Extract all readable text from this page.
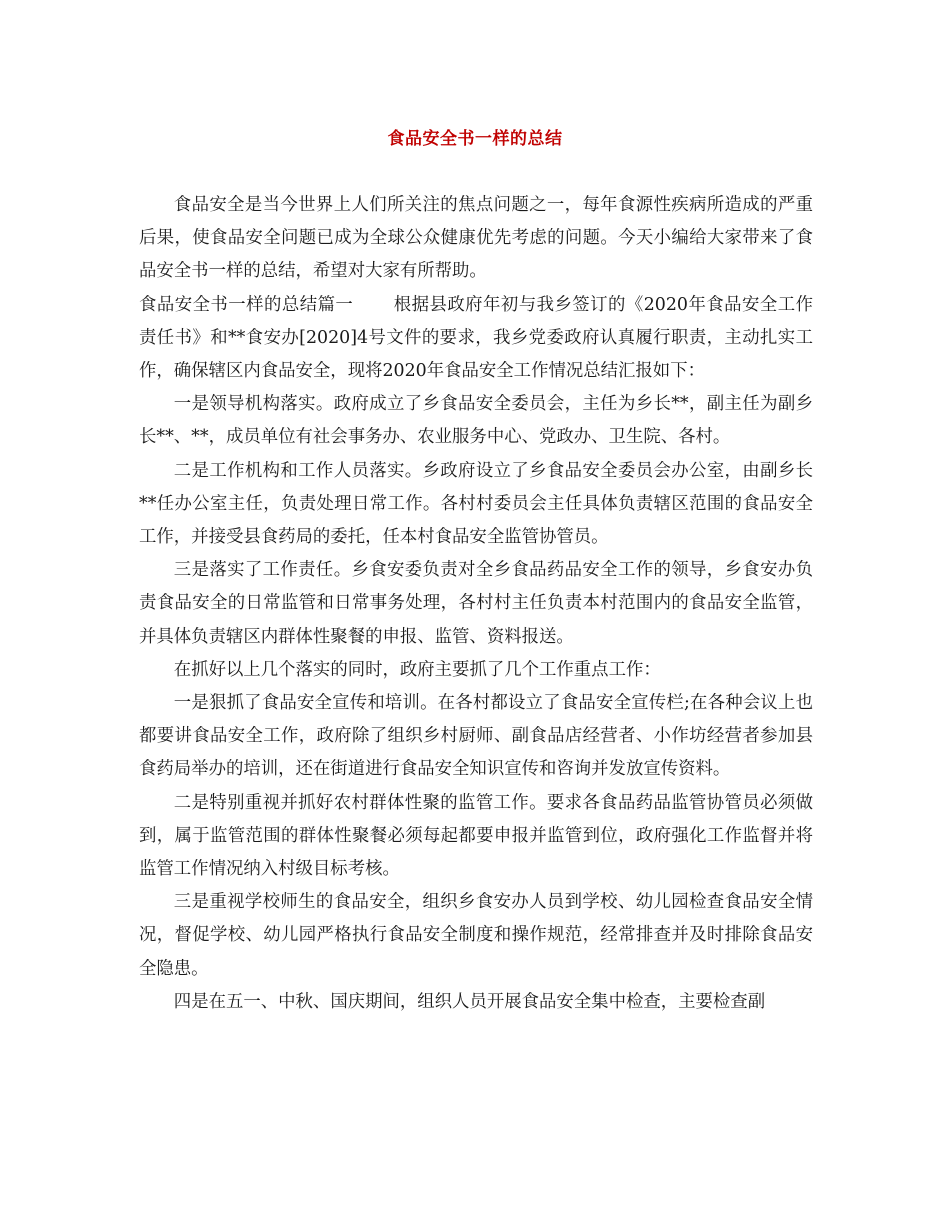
食品安全书一样的总结

食品安全是当今世界上人们所关注的焦点问题之一，每年食源性疾病所造成的严重后果，使食品安全问题已成为全球公众健康优先考虑的问题。今天小编给大家带来了食品安全书一样的总结，希望对大家有所帮助。

食品安全书一样的总结篇一 根据县政府年初与我乡签订的《2020年食品安全工作责任书》和**食安办[2020]4号文件的要求，我乡党委政府认真履行职责，主动扎实工作，确保辖区内食品安全，现将2020年食品安全工作情况总结汇报如下：

一是领导机构落实。政府成立了乡食品安全委员会，主任为乡长**，副主任为副乡长**、**，成员单位有社会事务办、农业服务中心、党政办、卫生院、各村。

二是工作机构和工作人员落实。乡政府设立了乡食品安全委员会办公室，由副乡长**任办公室主任，负责处理日常工作。各村村委员会主任具体负责辖区范围的食品安全工作，并接受县食药局的委托，任本村食品安全监管协管员。

三是落实了工作责任。乡食安委负责对全乡食品药品安全工作的领导，乡食安办负责食品安全的日常监管和日常事务处理，各村村主任负责本村范围内的食品安全监管，并具体负责辖区内群体性聚餐的申报、监管、资料报送。

在抓好以上几个落实的同时，政府主要抓了几个工作重点工作：

一是狠抓了食品安全宣传和培训。在各村都设立了食品安全宣传栏;在各种会议上也都要讲食品安全工作，政府除了组织乡村厨师、副食品店经营者、小作坊经营者参加县食药局举办的培训，还在街道进行食品安全知识宣传和咨询并发放宣传资料。

二是特别重视并抓好农村群体性聚的监管工作。要求各食品药品监管协管员必须做到，属于监管范围的群体性聚餐必须每起都要申报并监管到位，政府强化工作监督并将监管工作情况纳入村级目标考核。

三是重视学校师生的食品安全，组织乡食安办人员到学校、幼儿园检查食品安全情况，督促学校、幼儿园严格执行食品安全制度和操作规范，经常排查并及时排除食品安全隐患。

四是在五一、中秋、国庆期间，组织人员开展食品安全集中检查，主要检查副
